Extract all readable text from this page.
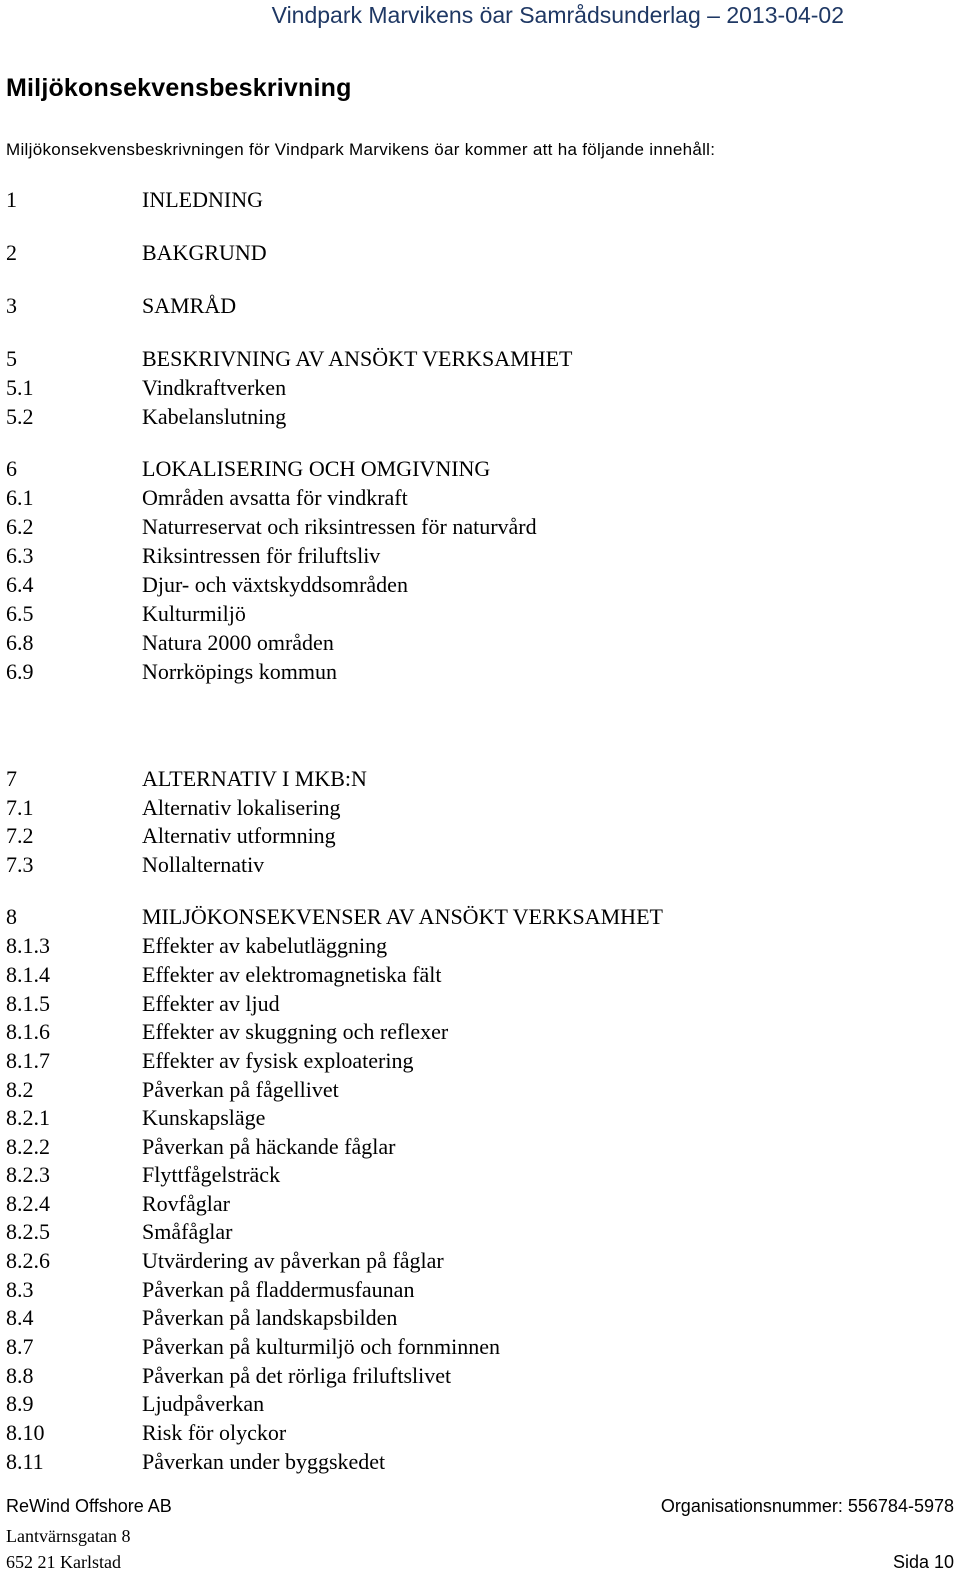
Vindpark Marvikens öar Samrådsunderlag – 2013-04-02
Miljökonsekvensbeskrivning

Miljökonsekvensbeskrivningen för Vindpark Marvikens öar kommer att ha följande innehåll:

1	INLEDNING
2	BAKGRUND
3	SAMRÅD
5	BESKRIVNING AV ANSÖKT VERKSAMHET
5.1	Vindkraftverken
5.2	Kabelanslutning
6	LOKALISERING OCH OMGIVNING
6.1	Områden avsatta för vindkraft
6.2	Naturreservat och riksintressen för naturvård
6.3	Riksintressen för friluftsliv
6.4	Djur- och växtskyddsområden
6.5	Kulturmiljö
6.8	Natura 2000 områden
6.9	Norrköpings kommun
7	ALTERNATIV I MKB:N
7.1	Alternativ lokalisering
7.2	Alternativ utformning
7.3	Nollalternativ
8	MILJÖKONSEKVENSER AV ANSÖKT VERKSAMHET
8.1.3	Effekter av kabelutläggning
8.1.4	Effekter av elektromagnetiska fält
8.1.5	Effekter av ljud
8.1.6	Effekter av skuggning och reflexer
8.1.7	Effekter av fysisk exploatering
8.2	Påverkan på fågellivet
8.2.1	Kunskapsläge
8.2.2	Påverkan på häckande fåglar
8.2.3	Flyttfågelsträck
8.2.4	Rovfåglar
8.2.5	Småfåglar
8.2.6	Utvärdering av påverkan på fåglar
8.3	Påverkan på fladdermusfaunan
8.4	Påverkan på landskapsbilden
8.7	Påverkan på kulturmiljö och fornminnen
8.8	Påverkan på det rörliga friluftslivet
8.9	Ljudpåverkan
8.10	Risk för olyckor
8.11	Påverkan under byggskedet
ReWind Offshore AB	Organisationsnummer: 556784-5978
Lantvärnsgatan 8
652 21 Karlstad	Sida 10
